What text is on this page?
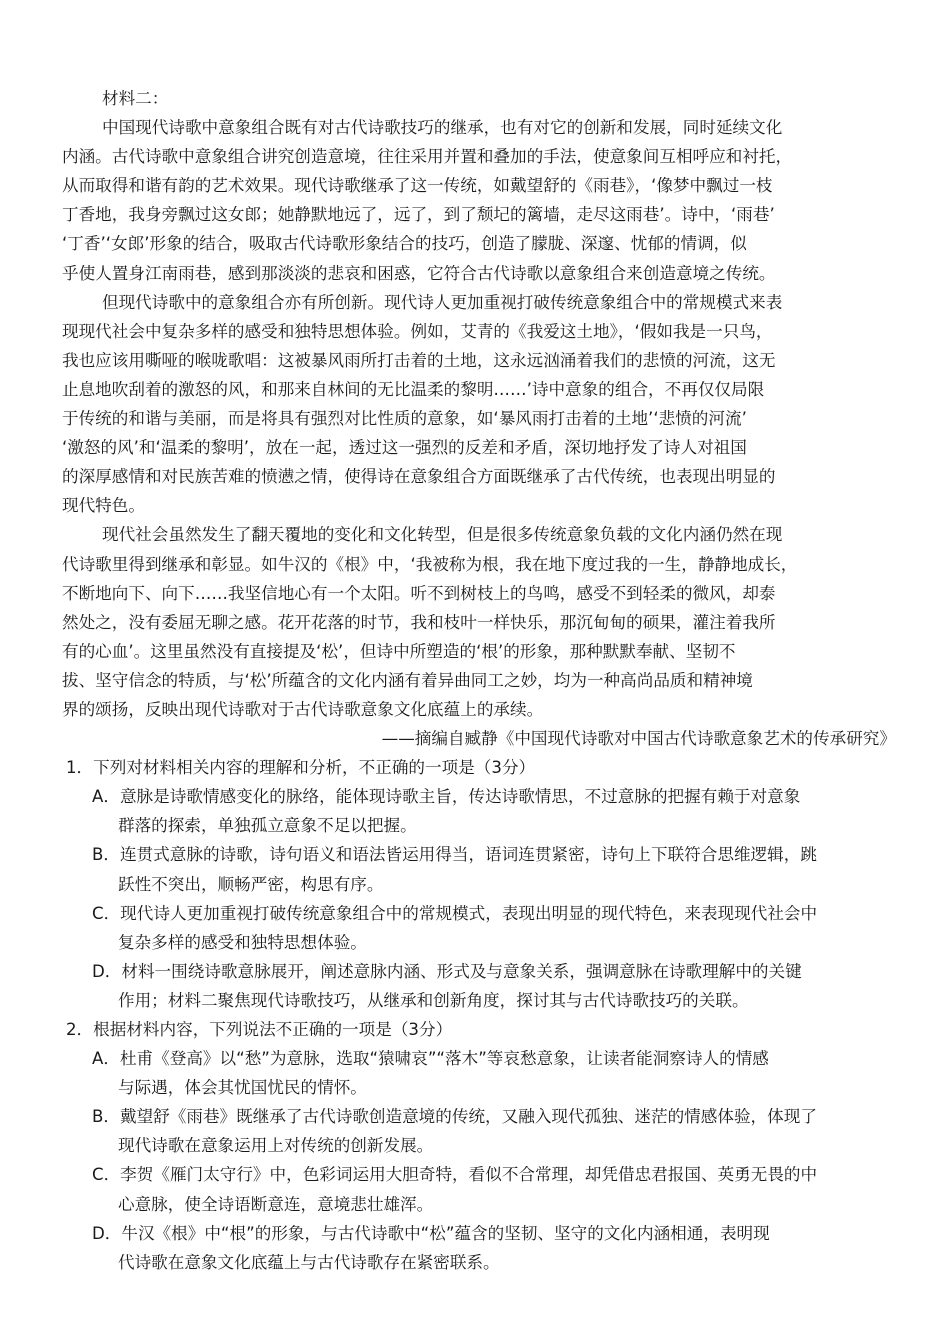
材料二：
中国现代诗歌中意象组合既有对古代诗歌技巧的继承，也有对它的创新和发展，同时延续文化
内涵。古代诗歌中意象组合讲究创造意境，往往采用并置和叠加的手法，使意象间互相呼应和衬托，
从而取得和谐有韵的艺术效果。现代诗歌继承了这一传统，如戴望舒的《雨巷》，‘像梦中飘过一枝
丁香地，我身旁飘过这女郎；她静默地远了，远了，到了颓圮的篱墙，走尽这雨巷’。诗中，‘雨巷’
‘丁香’‘女郎’形象的结合，吸取古代诗歌形象结合的技巧，创造了朦胧、深邃、忧郁的情调，似
乎使人置身江南雨巷，感到那淡淡的悲哀和困惑，它符合古代诗歌以意象组合来创造意境之传统。
但现代诗歌中的意象组合亦有所创新。现代诗人更加重视打破传统意象组合中的常规模式来表
现现代社会中复杂多样的感受和独特思想体验。例如，艾青的《我爱这土地》，‘假如我是一只鸟，
我也应该用嘶哑的喉咙歌唱：这被暴风雨所打击着的土地，这永远汹涌着我们的悲愤的河流，这无
止息地吹刮着的激怒的风，和那来自林间的无比温柔的黎明……’诗中意象的组合，不再仅仅局限
于传统的和谐与美丽，而是将具有强烈对比性质的意象，如‘暴风雨打击着的土地’‘悲愤的河流’
‘激怒的风’和‘温柔的黎明’，放在一起，透过这一强烈的反差和矛盾，深切地抒发了诗人对祖国
的深厚感情和对民族苦难的愤懑之情，使得诗在意象组合方面既继承了古代传统，也表现出明显的
现代特色。
现代社会虽然发生了翻天覆地的变化和文化转型，但是很多传统意象负载的文化内涵仍然在现
代诗歌里得到继承和彰显。如牛汉的《根》中，‘我被称为根，我在地下度过我的一生，静静地成长，
不断地向下、向下……我坚信地心有一个太阳。听不到树枝上的鸟鸣，感受不到轻柔的微风，却泰
然处之，没有委屈无聊之感。花开花落的时节，我和枝叶一样快乐，那沉甸甸的硕果，灌注着我所
有的心血’。这里虽然没有直接提及‘松’，但诗中所塑造的‘根’的形象，那种默默奉献、坚韧不
拔、坚守信念的特质，与‘松’所蕴含的文化内涵有着异曲同工之妙，均为一种高尚品质和精神境
界的颂扬，反映出现代诗歌对于古代诗歌意象文化底蕴上的承续。
——摘编自臧静《中国现代诗歌对中国古代诗歌意象艺术的传承研究》
1．下列对材料相关内容的理解和分析，不正确的一项是（3分）
A．意脉是诗歌情感变化的脉络，能体现诗歌主旨，传达诗歌情思，不过意脉的把握有赖于对意象
群落的探索，单独孤立意象不足以把握。
B．连贯式意脉的诗歌，诗句语义和语法皆运用得当，语词连贯紧密，诗句上下联符合思维逻辑，跳
跃性不突出，顺畅严密，构思有序。
C．现代诗人更加重视打破传统意象组合中的常规模式，表现出明显的现代特色，来表现现代社会中
复杂多样的感受和独特思想体验。
D．材料一围绕诗歌意脉展开，阐述意脉内涵、形式及与意象关系，强调意脉在诗歌理解中的关键
作用；材料二聚焦现代诗歌技巧，从继承和创新角度，探讨其与古代诗歌技巧的关联。
2．根据材料内容，下列说法不正确的一项是（3分）
A．杜甫《登高》以“愁”为意脉，选取“猿啸哀”“落木”等哀愁意象，让读者能洞察诗人的情感
与际遇，体会其忧国忧民的情怀。
B．戴望舒《雨巷》既继承了古代诗歌创造意境的传统，又融入现代孤独、迷茫的情感体验，体现了
现代诗歌在意象运用上对传统的创新发展。
C．李贺《雁门太守行》中，色彩词运用大胆奇特，看似不合常理，却凭借忠君报国、英勇无畏的中
心意脉，使全诗语断意连，意境悲壮雄浑。
D．牛汉《根》中“根”的形象，与古代诗歌中“松”蕴含的坚韧、坚守的文化内涵相通，表明现
代诗歌在意象文化底蕴上与古代诗歌存在紧密联系。
